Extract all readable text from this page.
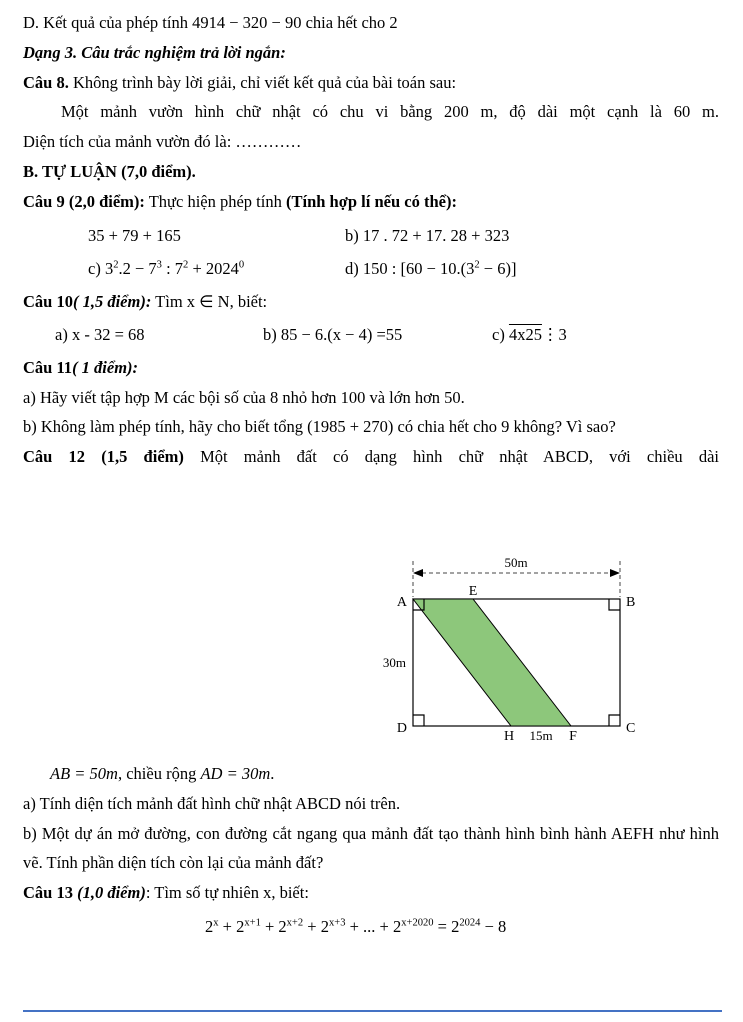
D. Kết quả của phép tính 4914 − 320 − 90 chia hết cho 2

Dạng 3. Câu trắc nghiệm trả lời ngắn:

Câu 8. Không trình bày lời giải, chỉ viết kết quả của bài toán sau:

Một mảnh vườn hình chữ nhật có chu vi bằng 200 m, độ dài một cạnh là 60 m.

Diện tích của mảnh vườn đó là: …………

B. TỰ LUẬN (7,0 điểm).

Câu 9 (2,0 điểm): Thực hiện phép tính (Tính hợp lí nếu có thể):

35 + 79 + 165	b) 17 . 72 + 17. 28 + 323

c) $3^2.2 - 7^3$ : $7^2 + 2024^0$	d) 150 : $[60 - 10.(3^2 - 6)]$

Câu 10( 1,5 điểm): Tìm x ∈ N, biết:

a) x - 32 = 68	b) 85 − 6.(x − 4) =55	c) 4x25⋮3

Câu 11( 1 điểm):

a) Hãy viết tập hợp M các bội số của 8 nhỏ hơn 100 và lớn hơn 50.

b) Không làm phép tính, hãy cho biết tổng (1985 + 270) có chia hết cho 9 không? Vì sao?

Câu 12 (1,5 điểm) Một mảnh đất có dạng hình chữ nhật ABCD, với chiều dài

50m
A
E
B
D	C
H	F
30m
15m

AB = 50m, chiều rộng AD = 30m.

a) Tính diện tích mảnh đất hình chữ nhật ABCD nói trên.

b) Một dự án mở đường, con đường cắt ngang qua mảnh đất tạo thành hình bình hành AEFH như hình vẽ. Tính phần diện tích còn lại của mảnh đất?

Câu 13 (1,0 điểm): Tìm số tự nhiên x, biết:

$2^x + 2^{x+1} + 2^{x+2} + 2^{x+3}$ + ... + $2^{x+2020} = 2^{2024} - 8$
